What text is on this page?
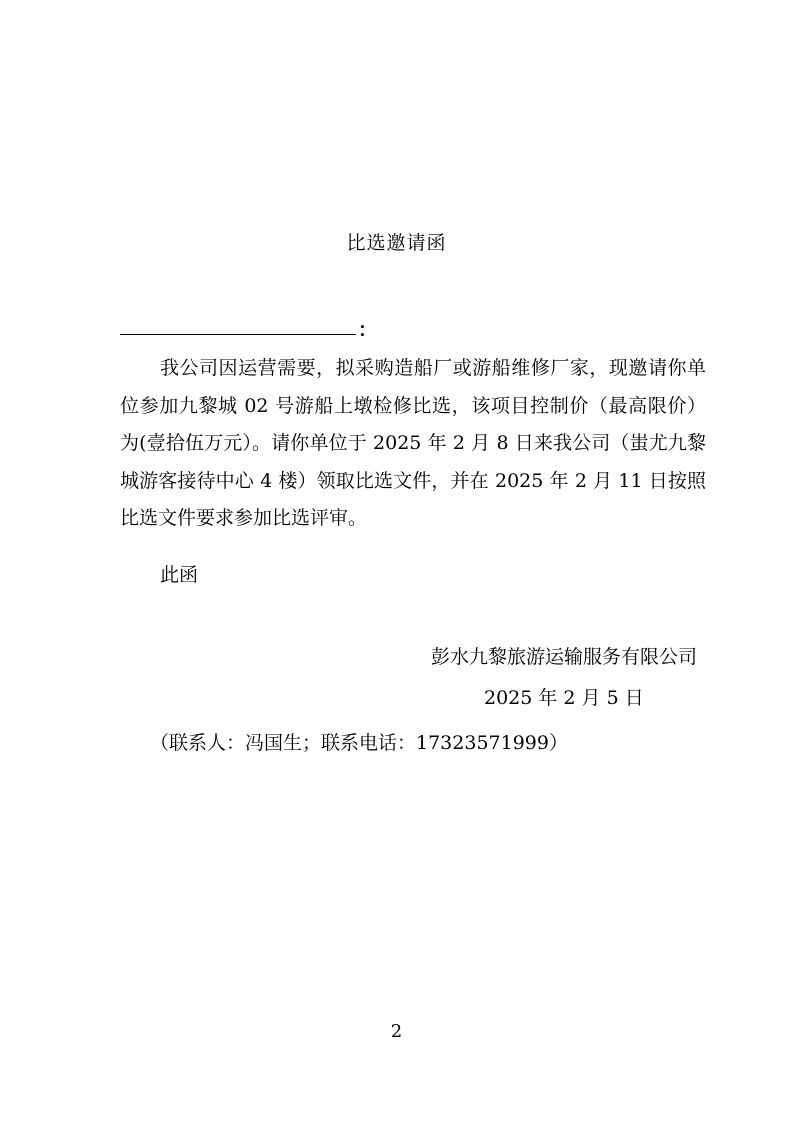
比选邀请函
：

我公司因运营需要，拟采购造船厂或游船维修厂家，现邀请你单位参加九黎城 02 号游船上墩检修比选，该项目控制价（最高限价）为(壹拾伍万元）。请你单位于 2025 年 2 月 8 日来我公司（蚩尤九黎城游客接待中心 4 楼）领取比选文件，并在 2025 年 2 月 11 日按照比选文件要求参加比选评审。

此函
彭水九黎旅游运输服务有限公司
2025 年 2 月 5 日
（联系人：冯国生；联系电话：17323571999）
2
